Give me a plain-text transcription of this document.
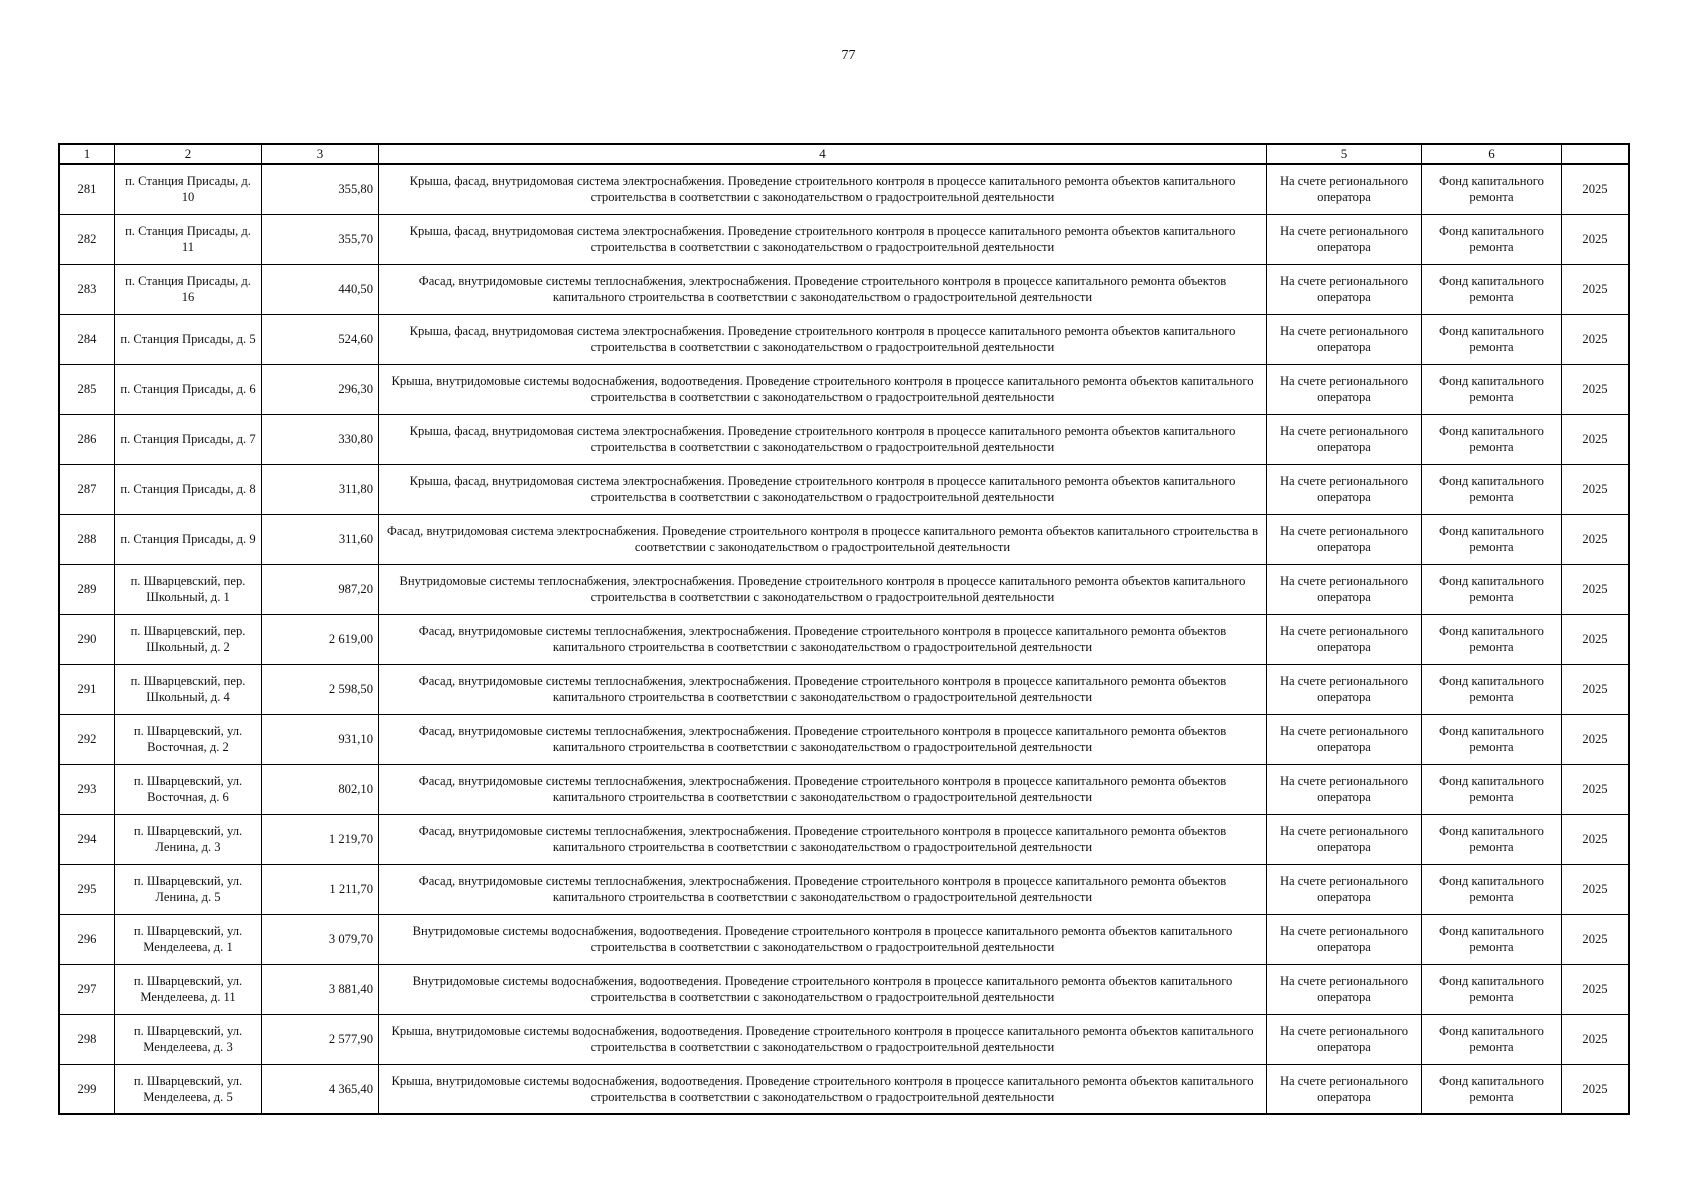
77
1	2	3	4	5	6	
281	п. Станция Присады, д. 10	355,80	Крыша, фасад, внутридомовая система электроснабжения. Проведение строительного контроля в процессе капитального ремонта объектов капитального строительства в соответствии с законодательством о градостроительной деятельности	На счете регионального оператора	Фонд капитального ремонта	2025
282	п. Станция Присады, д. 11	355,70	Крыша, фасад, внутридомовая система электроснабжения. Проведение строительного контроля в процессе капитального ремонта объектов капитального строительства в соответствии с законодательством о градостроительной деятельности	На счете регионального оператора	Фонд капитального ремонта	2025
283	п. Станция Присады, д. 16	440,50	Фасад, внутридомовые системы теплоснабжения, электроснабжения. Проведение строительного контроля в процессе капитального ремонта объектов капитального строительства в соответствии с законодательством о градостроительной деятельности	На счете регионального оператора	Фонд капитального ремонта	2025
284	п. Станция Присады, д. 5	524,60	Крыша, фасад, внутридомовая система электроснабжения. Проведение строительного контроля в процессе капитального ремонта объектов капитального строительства в соответствии с законодательством о градостроительной деятельности	На счете регионального оператора	Фонд капитального ремонта	2025
285	п. Станция Присады, д. 6	296,30	Крыша, внутридомовые системы водоснабжения, водоотведения. Проведение строительного контроля в процессе капитального ремонта объектов капитального строительства в соответствии с законодательством о градостроительной деятельности	На счете регионального оператора	Фонд капитального ремонта	2025
286	п. Станция Присады, д. 7	330,80	Крыша, фасад, внутридомовая система электроснабжения. Проведение строительного контроля в процессе капитального ремонта объектов капитального строительства в соответствии с законодательством о градостроительной деятельности	На счете регионального оператора	Фонд капитального ремонта	2025
287	п. Станция Присады, д. 8	311,80	Крыша, фасад, внутридомовая система электроснабжения. Проведение строительного контроля в процессе капитального ремонта объектов капитального строительства в соответствии с законодательством о градостроительной деятельности	На счете регионального оператора	Фонд капитального ремонта	2025
288	п. Станция Присады, д. 9	311,60	Фасад, внутридомовая система электроснабжения. Проведение строительного контроля в процессе капитального ремонта объектов капитального строительства в соответствии с законодательством о градостроительной деятельности	На счете регионального оператора	Фонд капитального ремонта	2025
289	п. Шварцевский, пер. Школьный, д. 1	987,20	Внутридомовые системы теплоснабжения, электроснабжения. Проведение строительного контроля в процессе капитального ремонта объектов капитального строительства в соответствии с законодательством о градостроительной деятельности	На счете регионального оператора	Фонд капитального ремонта	2025
290	п. Шварцевский, пер. Школьный, д. 2	2 619,00	Фасад, внутридомовые системы теплоснабжения, электроснабжения. Проведение строительного контроля в процессе капитального ремонта объектов капитального строительства в соответствии с законодательством о градостроительной деятельности	На счете регионального оператора	Фонд капитального ремонта	2025
291	п. Шварцевский, пер. Школьный, д. 4	2 598,50	Фасад, внутридомовые системы теплоснабжения, электроснабжения. Проведение строительного контроля в процессе капитального ремонта объектов капитального строительства в соответствии с законодательством о градостроительной деятельности	На счете регионального оператора	Фонд капитального ремонта	2025
292	п. Шварцевский, ул. Восточная, д. 2	931,10	Фасад, внутридомовые системы теплоснабжения, электроснабжения. Проведение строительного контроля в процессе капитального ремонта объектов капитального строительства в соответствии с законодательством о градостроительной деятельности	На счете регионального оператора	Фонд капитального ремонта	2025
293	п. Шварцевский, ул. Восточная, д. 6	802,10	Фасад, внутридомовые системы теплоснабжения, электроснабжения. Проведение строительного контроля в процессе капитального ремонта объектов капитального строительства в соответствии с законодательством о градостроительной деятельности	На счете регионального оператора	Фонд капитального ремонта	2025
294	п. Шварцевский, ул. Ленина, д. 3	1 219,70	Фасад, внутридомовые системы теплоснабжения, электроснабжения. Проведение строительного контроля в процессе капитального ремонта объектов капитального строительства в соответствии с законодательством о градостроительной деятельности	На счете регионального оператора	Фонд капитального ремонта	2025
295	п. Шварцевский, ул. Ленина, д. 5	1 211,70	Фасад, внутридомовые системы теплоснабжения, электроснабжения. Проведение строительного контроля в процессе капитального ремонта объектов капитального строительства в соответствии с законодательством о градостроительной деятельности	На счете регионального оператора	Фонд капитального ремонта	2025
296	п. Шварцевский, ул. Менделеева, д. 1	3 079,70	Внутридомовые системы водоснабжения, водоотведения. Проведение строительного контроля в процессе капитального ремонта объектов капитального строительства в соответствии с законодательством о градостроительной деятельности	На счете регионального оператора	Фонд капитального ремонта	2025
297	п. Шварцевский, ул. Менделеева, д. 11	3 881,40	Внутридомовые системы водоснабжения, водоотведения. Проведение строительного контроля в процессе капитального ремонта объектов капитального строительства в соответствии с законодательством о градостроительной деятельности	На счете регионального оператора	Фонд капитального ремонта	2025
298	п. Шварцевский, ул. Менделеева, д. 3	2 577,90	Крыша, внутридомовые системы водоснабжения, водоотведения. Проведение строительного контроля в процессе капитального ремонта объектов капитального строительства в соответствии с законодательством о градостроительной деятельности	На счете регионального оператора	Фонд капитального ремонта	2025
299	п. Шварцевский, ул. Менделеева, д. 5	4 365,40	Крыша, внутридомовые системы водоснабжения, водоотведения. Проведение строительного контроля в процессе капитального ремонта объектов капитального строительства в соответствии с законодательством о градостроительной деятельности	На счете регионального оператора	Фонд капитального ремонта	2025
